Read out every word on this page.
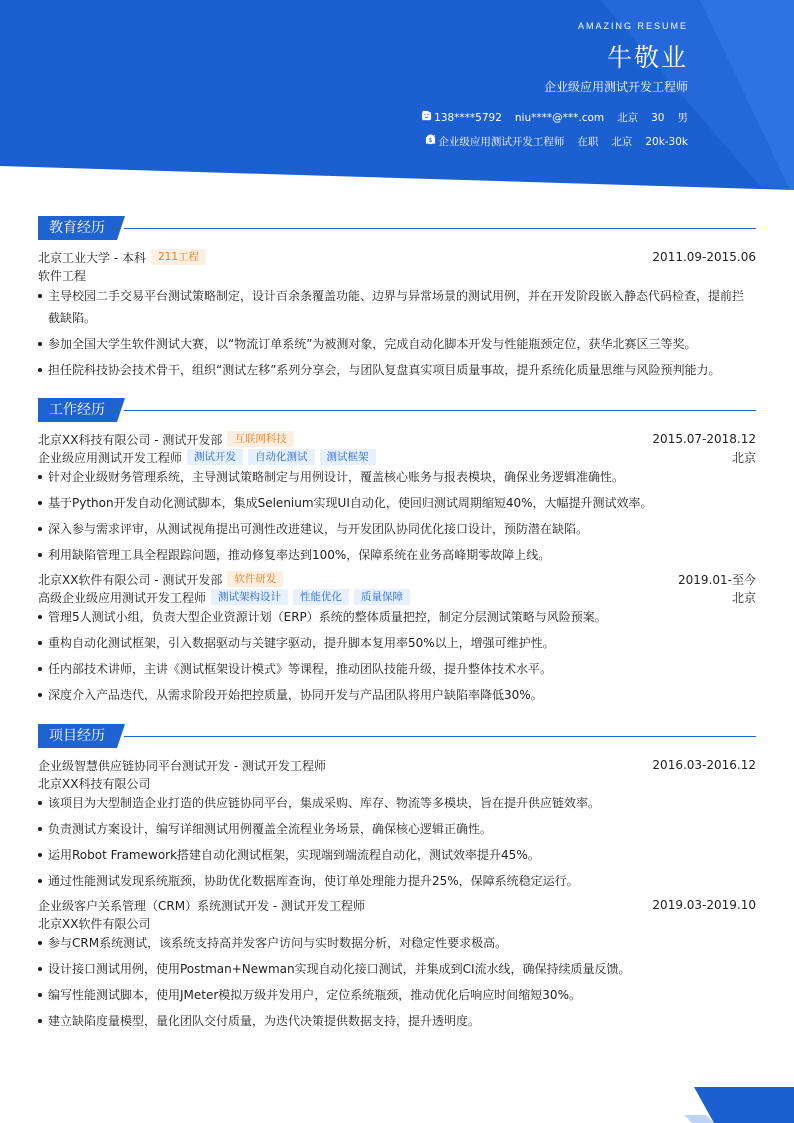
AMAZING RESUME
牛敬业
企业级应用测试开发工程师
138****5792 niu****@***.com 北京 30 男
企业级应用测试开发工程师 在职 北京
$	20k-30k
教育经历
北京工业大学 - 本科	211工程	2011.09-2015.06
软件工程
主导校园二手交易平台测试策略制定，设计百余条覆盖功能、边界与异常场景的测试用例，并在开发阶段嵌入静态代码检查，提前拦截缺陷。
参加全国大学生软件测试大赛，以“物流订单系统”为被测对象，完成自动化脚本开发与性能瓶颈定位，获华北赛区三等奖。
担任院科技协会技术骨干，组织“测试左移”系列分享会，与团队复盘真实项目质量事故，提升系统化质量思维与风险预判能力。
工作经历
北京XX科技有限公司 - 测试开发部	互联网科技	2015.07-2018.12
企业级应用测试开发工程师	测试开发	自动化测试	测试框架	北京
针对企业级财务管理系统，主导测试策略制定与用例设计，覆盖核心账务与报表模块，确保业务逻辑准确性。
基于Python开发自动化测试脚本，集成Selenium实现UI自动化，使回归测试周期缩短40%，大幅提升测试效率。
深入参与需求评审，从测试视角提出可测性改进建议，与开发团队协同优化接口设计，预防潜在缺陷。
利用缺陷管理工具全程跟踪问题，推动修复率达到100%，保障系统在业务高峰期零故障上线。
北京XX软件有限公司 - 测试开发部	软件研发	2019.01-至今
高级企业级应用测试开发工程师	测试架构设计	性能优化	质量保障	北京
管理5人测试小组，负责大型企业资源计划（ERP）系统的整体质量把控，制定分层测试策略与风险预案。
重构自动化测试框架，引入数据驱动与关键字驱动，提升脚本复用率50%以上，增强可维护性。
任内部技术讲师，主讲《测试框架设计模式》等课程，推动团队技能升级，提升整体技术水平。
深度介入产品迭代，从需求阶段开始把控质量，协同开发与产品团队将用户缺陷率降低30%。
项目经历
企业级智慧供应链协同平台测试开发 - 测试开发工程师	2016.03-2016.12
北京XX科技有限公司
该项目为大型制造企业打造的供应链协同平台，集成采购、库存、物流等多模块，旨在提升供应链效率。
负责测试方案设计，编写详细测试用例覆盖全流程业务场景，确保核心逻辑正确性。
运用Robot Framework搭建自动化测试框架，实现端到端流程自动化，测试效率提升45%。
通过性能测试发现系统瓶颈，协助优化数据库查询，使订单处理能力提升25%，保障系统稳定运行。
企业级客户关系管理（CRM）系统测试开发 - 测试开发工程师	2019.03-2019.10
北京XX软件有限公司
参与CRM系统测试，该系统支持高并发客户访问与实时数据分析，对稳定性要求极高。
设计接口测试用例，使用Postman+Newman实现自动化接口测试，并集成到CI流水线，确保持续质量反馈。
编写性能测试脚本，使用JMeter模拟万级并发用户，定位系统瓶颈，推动优化后响应时间缩短30%。
建立缺陷度量模型，量化团队交付质量，为迭代决策提供数据支持，提升透明度。
